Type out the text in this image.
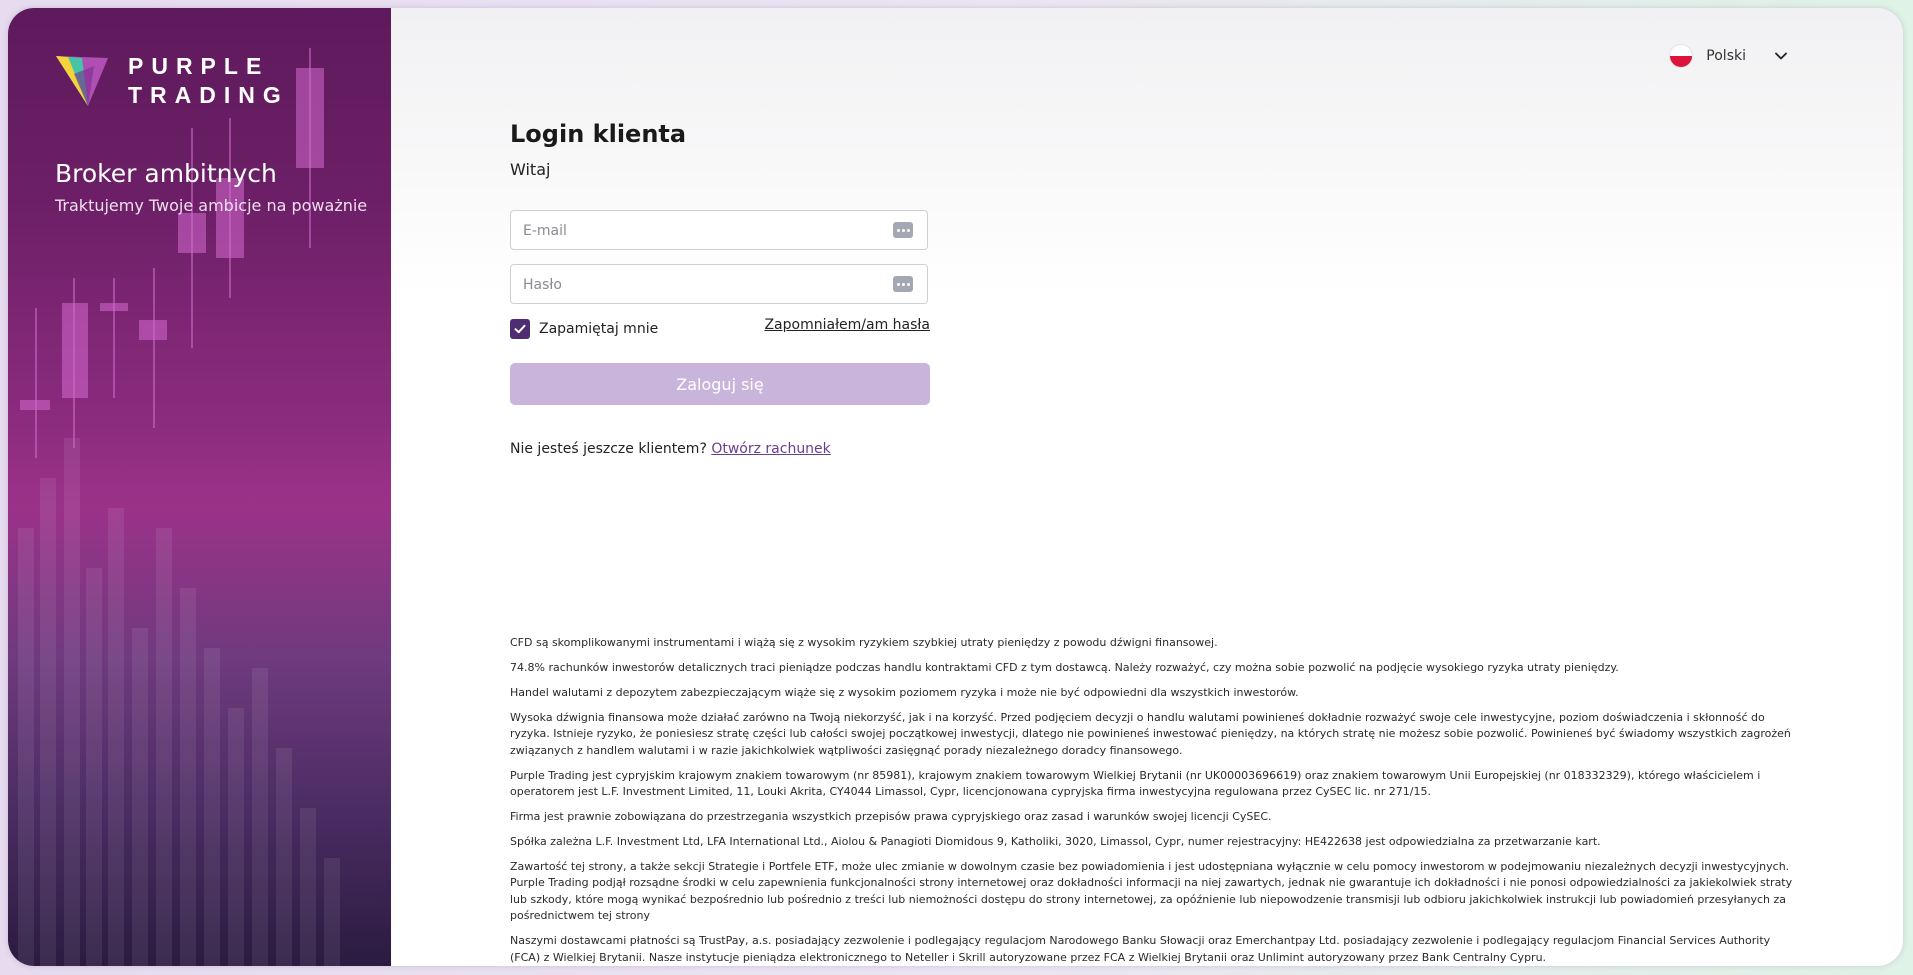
PURPLE
TRADING
Broker ambitnych
Traktujemy Twoje ambicje na poważnie
Polski
Login klienta
Witaj
E-mail
Zapamiętaj mnie	Zapomniałem/am hasła
Zaloguj się
Nie jesteś jeszcze klientem? Otwórz rachunek

CFD są skomplikowanymi instrumentami i wiążą się z wysokim ryzykiem szybkiej utraty pieniędzy z powodu dźwigni finansowej.

74.8% rachunków inwestorów detalicznych traci pieniądze podczas handlu kontraktami CFD z tym dostawcą. Należy rozważyć, czy można sobie pozwolić na podjęcie wysokiego ryzyka utraty pieniędzy.

Handel walutami z depozytem zabezpieczającym wiąże się z wysokim poziomem ryzyka i może nie być odpowiedni dla wszystkich inwestorów.

Wysoka dźwignia finansowa może działać zarówno na Twoją niekorzyść, jak i na korzyść. Przed podjęciem decyzji o handlu walutami powinieneś dokładnie rozważyć swoje cele inwestycyjne, poziom doświadczenia i skłonność do ryzyka. Istnieje ryzyko, że poniesiesz stratę części lub całości swojej początkowej inwestycji, dlatego nie powinieneś inwestować pieniędzy, na których stratę nie możesz sobie pozwolić. Powinieneś być świadomy wszystkich zagrożeń związanych z handlem walutami i w razie jakichkolwiek wątpliwości zasięgnąć porady niezależnego doradcy finansowego.

Purple Trading jest cypryjskim krajowym znakiem towarowym (nr 85981), krajowym znakiem towarowym Wielkiej Brytanii (nr UK00003696619) oraz znakiem towarowym Unii Europejskiej (nr 018332329), którego właścicielem i operatorem jest L.F. Investment Limited, 11, Louki Akrita, CY4044 Limassol, Cypr, licencjonowana cypryjska firma inwestycyjna regulowana przez CySEC lic. nr 271/15.

Firma jest prawnie zobowiązana do przestrzegania wszystkich przepisów prawa cypryjskiego oraz zasad i warunków swojej licencji CySEC.

Spółka zależna L.F. Investment Ltd, LFA International Ltd., Aiolou & Panagioti Diomidous 9, Katholiki, 3020, Limassol, Cypr, numer rejestracyjny: HE422638 jest odpowiedzialna za przetwarzanie kart.

Zawartość tej strony, a także sekcji Strategie i Portfele ETF, może ulec zmianie w dowolnym czasie bez powiadomienia i jest udostępniana wyłącznie w celu pomocy inwestorom w podejmowaniu niezależnych decyzji inwestycyjnych. Purple Trading podjął rozsądne środki w celu zapewnienia funkcjonalności strony internetowej oraz dokładności informacji na niej zawartych, jednak nie gwarantuje ich dokładności i nie ponosi odpowiedzialności za jakiekolwiek straty lub szkody, które mogą wynikać bezpośrednio lub pośrednio z treści lub niemożności dostępu do strony internetowej, za opóźnienie lub niepowodzenie transmisji lub odbioru jakichkolwiek instrukcji lub powiadomień przesyłanych za pośrednictwem tej strony

Naszymi dostawcami płatności są TrustPay, a.s. posiadający zezwolenie i podlegający regulacjom Narodowego Banku Słowacji oraz Emerchantpay Ltd. posiadający zezwolenie i podlegający regulacjom Financial Services Authority (FCA) z Wielkiej Brytanii. Nasze instytucje pieniądza elektronicznego to Neteller i Skrill autoryzowane przez FCA z Wielkiej Brytanii oraz Unlimint autoryzowany przez Bank Centralny Cypru.
